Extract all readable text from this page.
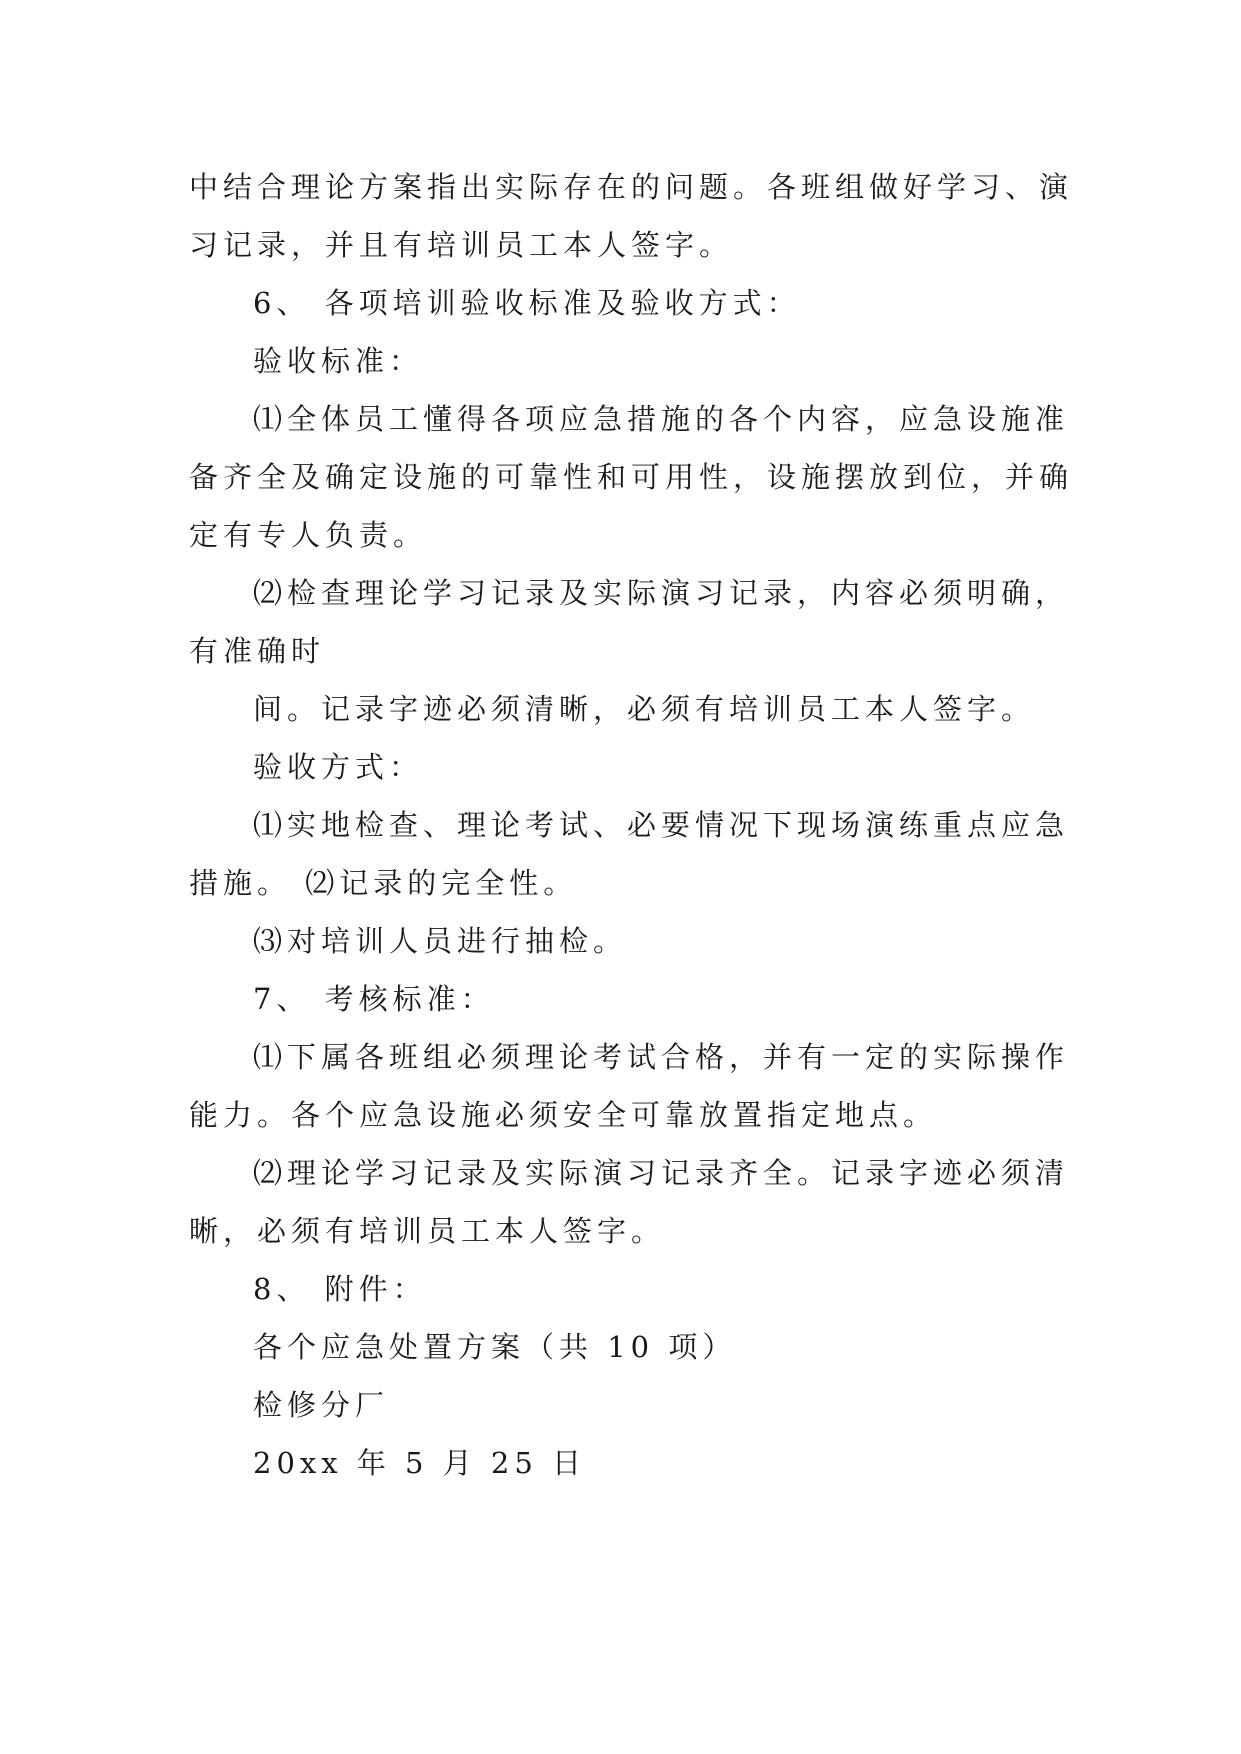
中结合理论方案指出实际存在的问题。各班组做好学习、演
习记录，并且有培训员工本人签字。
6、 各项培训验收标准及验收方式：
验收标准：
⑴全体员工懂得各项应急措施的各个内容，应急设施准
备齐全及确定设施的可靠性和可用性，设施摆放到位，并确
定有专人负责。
⑵检查理论学习记录及实际演习记录，内容必须明确，
有准确时
间。记录字迹必须清晰，必须有培训员工本人签字。
验收方式：
⑴实地检查、理论考试、必要情况下现场演练重点应急
措施。 ⑵记录的完全性。
⑶对培训人员进行抽检。
7、 考核标准：
⑴下属各班组必须理论考试合格，并有一定的实际操作
能力。各个应急设施必须安全可靠放置指定地点。
⑵理论学习记录及实际演习记录齐全。记录字迹必须清
晰，必须有培训员工本人签字。
8、 附件：
各个应急处置方案（共 10 项）
检修分厂
20xx 年 5 月 25 日
